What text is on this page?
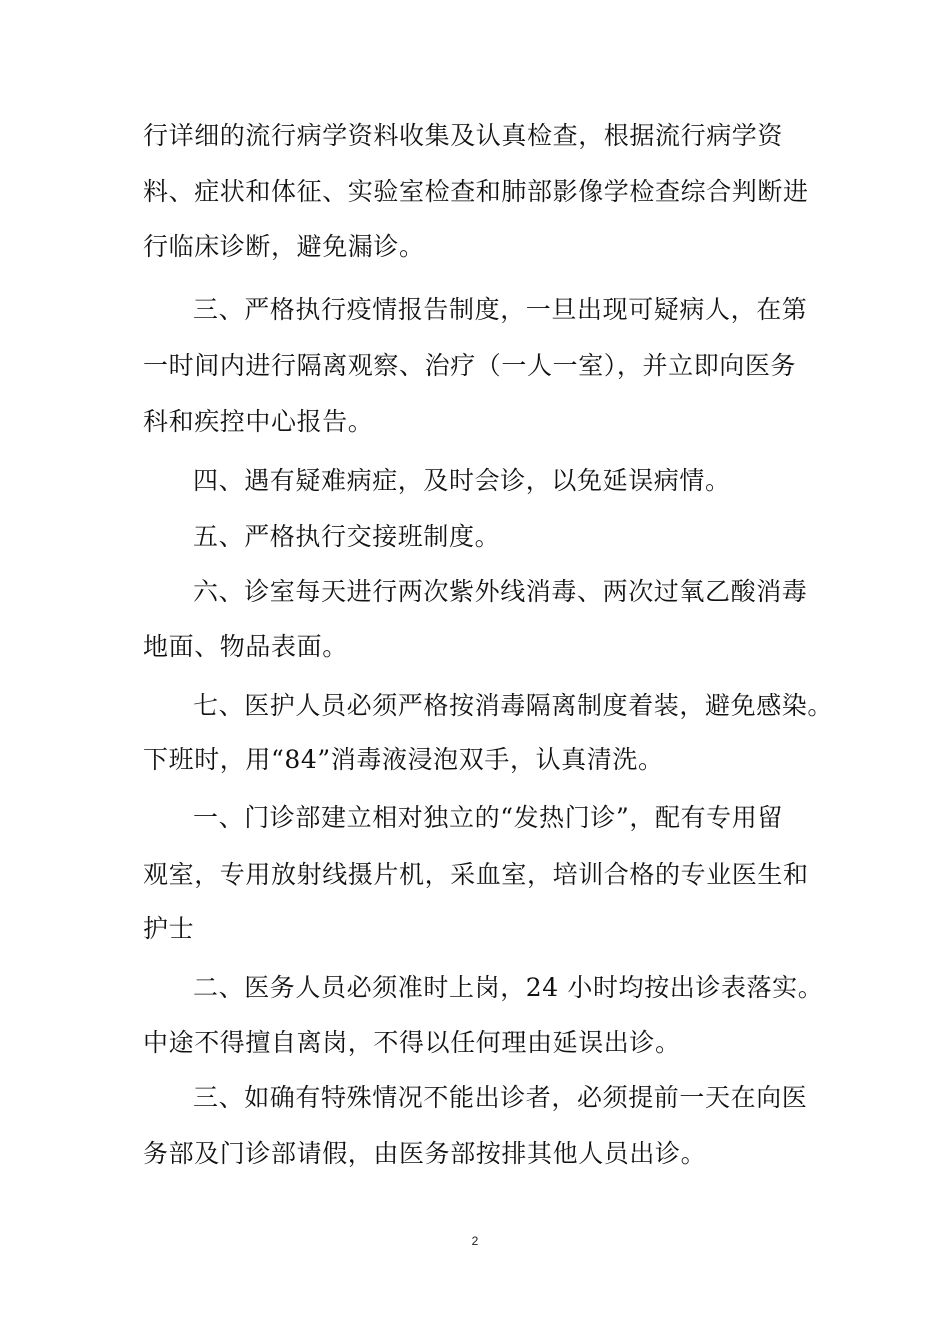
行详细的流行病学资料收集及认真检查，根据流行病学资
料、症状和体征、实验室检查和肺部影像学检查综合判断进
行临床诊断，避免漏诊。
三、严格执行疫情报告制度，一旦出现可疑病人，在第
一时间内进行隔离观察、治疗（一人一室），并立即向医务
科和疾控中心报告。
四、遇有疑难病症，及时会诊，以免延误病情。
五、严格执行交接班制度。
六、诊室每天进行两次紫外线消毒、两次过氧乙酸消毒
地面、物品表面。
七、医护人员必须严格按消毒隔离制度着装，避免感染。
下班时，用“84”消毒液浸泡双手，认真清洗。
一、门诊部建立相对独立的“发热门诊”，配有专用留
观室，专用放射线摄片机，采血室，培训合格的专业医生和
护士
二、医务人员必须准时上岗，24 小时均按出诊表落实。
中途不得擅自离岗，不得以任何理由延误出诊。
三、如确有特殊情况不能出诊者，必须提前一天在向医
务部及门诊部请假，由医务部按排其他人员出诊。
2
